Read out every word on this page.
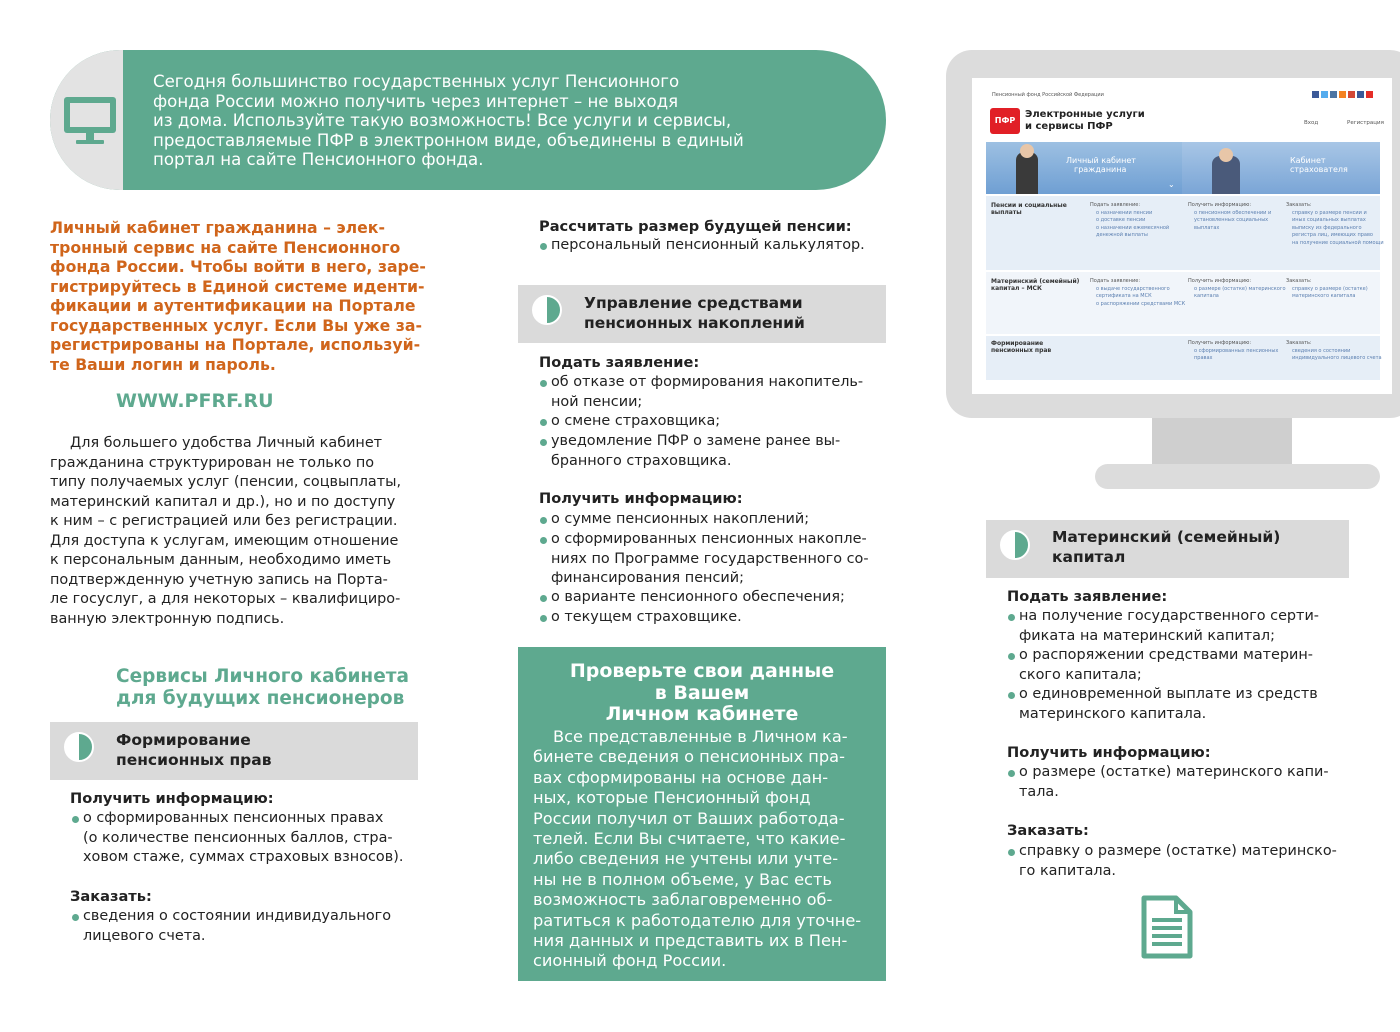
Сегодня большинство государственных услуг Пенсионного
фонда России можно получить через интернет – не выходя
из дома. Используйте такую возможность! Все услуги и сервисы,
предоставляемые ПФР в электронном виде, объединены в единый
портал на сайте Пенсионного фонда.
Личный кабинет гражданина – элек-
тронный сервис на сайте Пенсионного
фонда России. Чтобы войти в него, заре-
гистрируйтесь в Единой системе иденти-
фикации и аутентификации на Портале
государственных услуг. Если Вы уже за-
регистрированы на Портале, используй-
те Ваши логин и пароль.
WWW.PFRF.RU
Для большего удобства Личный кабинет
гражданина структурирован не только по
типу получаемых услуг (пенсии, соцвыплаты,
материнский капитал и др.), но и по доступу
к ним – с регистрацией или без регистрации.
Для доступа к услугам, имеющим отношение
к персональным данным, необходимо иметь
подтвержденную учетную запись на Порта-
ле госуслуг, а для некоторых – квалифициро-
ванную электронную подпись.
Сервисы Личного кабинета
для будущих пенсионеров
Формирование
пенсионных прав
Получить информацию:
о сформированных пенсионных правах
(о количестве пенсионных баллов, стра-
ховом стаже, суммах страховых взносов).
Заказать:
сведения о состоянии индивидуального
лицевого счета.
Рассчитать размер будущей пенсии:
персональный пенсионный калькулятор.
Управление средствами
пенсионных накоплений
Подать заявление:
об отказе от формирования накопитель-
ной пенсии;
о смене страховщика;
уведомление ПФР о замене ранее вы-
бранного страховщика.
Получить информацию:
о сумме пенсионных накоплений;
о сформированных пенсионных накопле-
ниях по Программе государственного со-
финансирования пенсий;
о варианте пенсионного обеспечения;
о текущем страховщике.
Проверьте свои данные
в Вашем
Личном кабинете
Все представленные в Личном ка-
бинете сведения о пенсионных пра-
вах сформированы на основе дан-
ных, которые Пенсионный фонд
России получил от Ваших работода-
телей. Если Вы считаете, что какие-
либо сведения не учтены или учте-
ны не в полном объеме, у Вас есть
возможность заблаговременно об-
ратиться к работодателю для уточне-
ния данных и представить их в Пен-
сионный фонд России.
Пенсионный фонд Российской Федерации
ПФР
Электронные услуги
и сервисы ПФР	Вход	Регистрация
Личный кабинет
гражданина
⌄
Кабинет
страхователя
Пенсии и социальные
выплаты
Подать заявление:
о назначении пенсии
о доставке пенсии
о назначении ежемесячной
денежной выплаты
Получить информацию:
о пенсионном обеспечении и
установленных социальных
выплатах
Заказать:
справку о размере пенсии и
иных социальных выплатах
выписку из федерального
регистра лиц, имеющих право
на получение социальной помощи
Материнский (семейный)
капитал – МСК
Подать заявление:
о выдаче государственного
сертификата на МСК
о распоряжении средствами МСК
Получить информацию:
о размере (остатке) материнского
капитала
Заказать:
справку о размере (остатке)
материнского капитала
Формирование
пенсионных прав
Получить информацию:
о сформированных пенсионных
правах
Заказать:
сведения о состоянии
индивидуального лицевого счета
Материнский (семейный)
капитал
Подать заявление:
на получение государственного серти-
фиката на материнский капитал;
о распоряжении средствами материн-
ского капитала;
о единовременной выплате из средств
материнского капитала.
Получить информацию:
о размере (остатке) материнского капи-
тала.
Заказать:
справку о размере (остатке) материнско-
го капитала.
